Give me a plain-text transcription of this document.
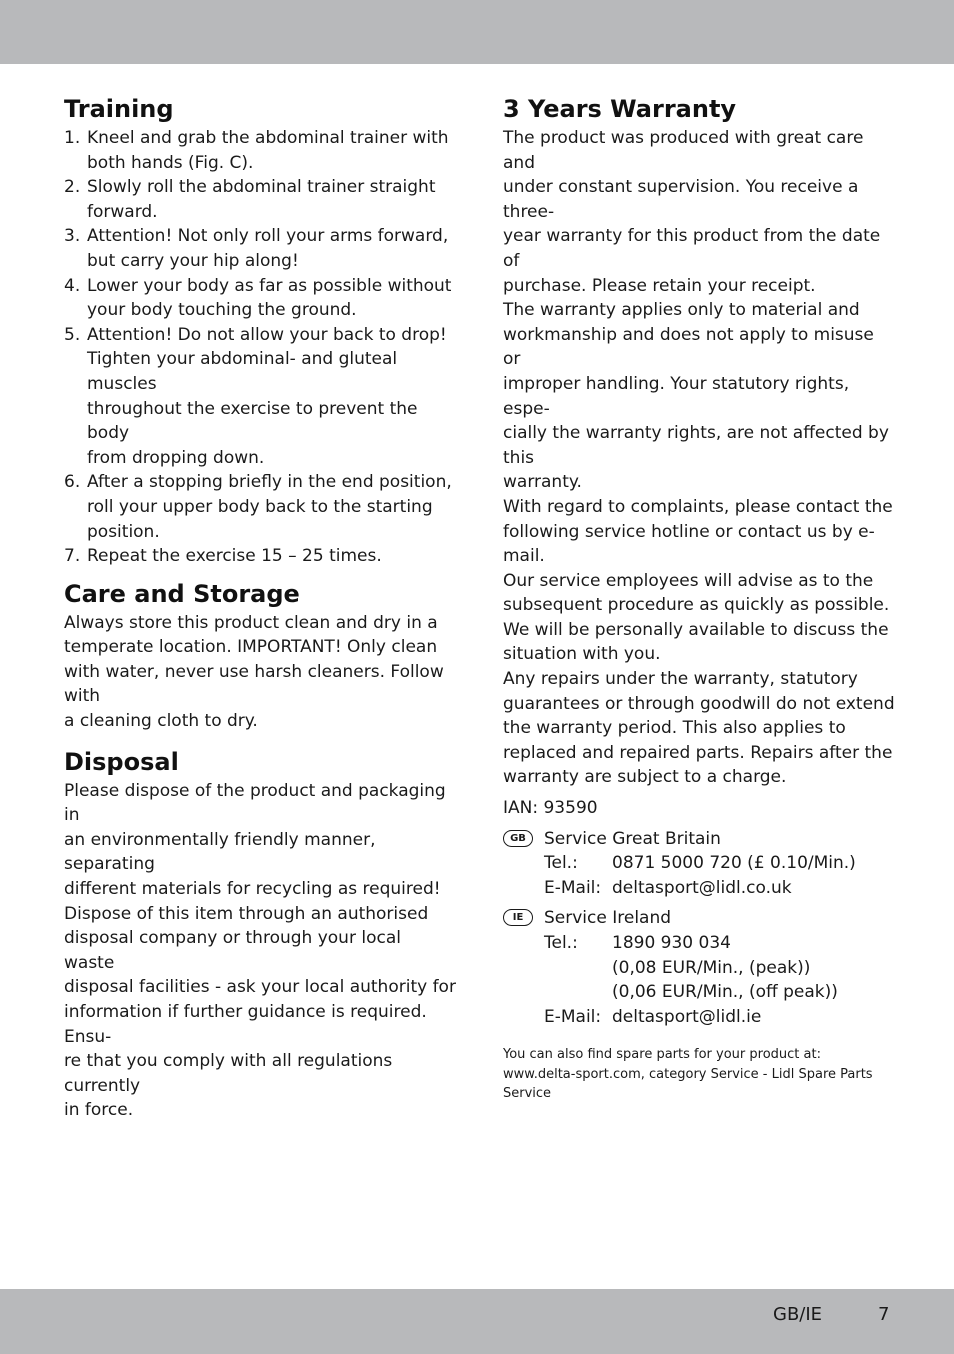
Training
1. Kneel and grab the abdominal trainer with
both hands (Fig. C).
2. Slowly roll the abdominal trainer straight
forward.
3. Attention! Not only roll your arms forward,
but carry your hip along!
4. Lower your body as far as possible without
your body touching the ground.
5. Attention! Do not allow your back to drop!
Tighten your abdominal- and gluteal muscles
throughout the exercise to prevent the body
from dropping down.
6. After a stopping briefly in the end position,
roll your upper body back to the starting
position.
7. Repeat the exercise 15 – 25 times.
Care and Storage
Always store this product clean and dry in a
temperate location. IMPORTANT! Only clean
with water, never use harsh cleaners. Follow with
a cleaning cloth to dry.
Disposal
Please dispose of the product and packaging in
an environmentally friendly manner, separating
different materials for recycling as required!
Dispose of this item through an authorised
disposal company or through your local waste
disposal facilities - ask your local authority for
information if further guidance is required. Ensu-
re that you comply with all regulations currently
in force.
3 Years Warranty
The product was produced with great care and
under constant supervision. You receive a three-
year warranty for this product from the date of
purchase. Please retain your receipt.
The warranty applies only to material and
workmanship and does not apply to misuse or
improper handling. Your statutory rights, espe-
cially the warranty rights, are not affected by this
warranty.
With regard to complaints, please contact the
following service hotline or contact us by e-mail.
Our service employees will advise as to the
subsequent procedure as quickly as possible.
We will be personally available to discuss the
situation with you.
Any repairs under the warranty, statutory
guarantees or through goodwill do not extend
the warranty period. This also applies to
replaced and repaired parts. Repairs after the
warranty are subject to a charge.
IAN: 93590
GB	Service Great Britain
Tel.:	0871 5000 720 (£ 0.10/Min.)
E-Mail: deltasport@lidl.co.uk
IE	Service Ireland
Tel.:	1890 930 034
(0,08 EUR/Min., (peak))
(0,06 EUR/Min., (off peak))
E-Mail: deltasport@lidl.ie
You can also find spare parts for your product at:
www.delta-sport.com, category Service - Lidl Spare Parts
Service
GB/IE	7
